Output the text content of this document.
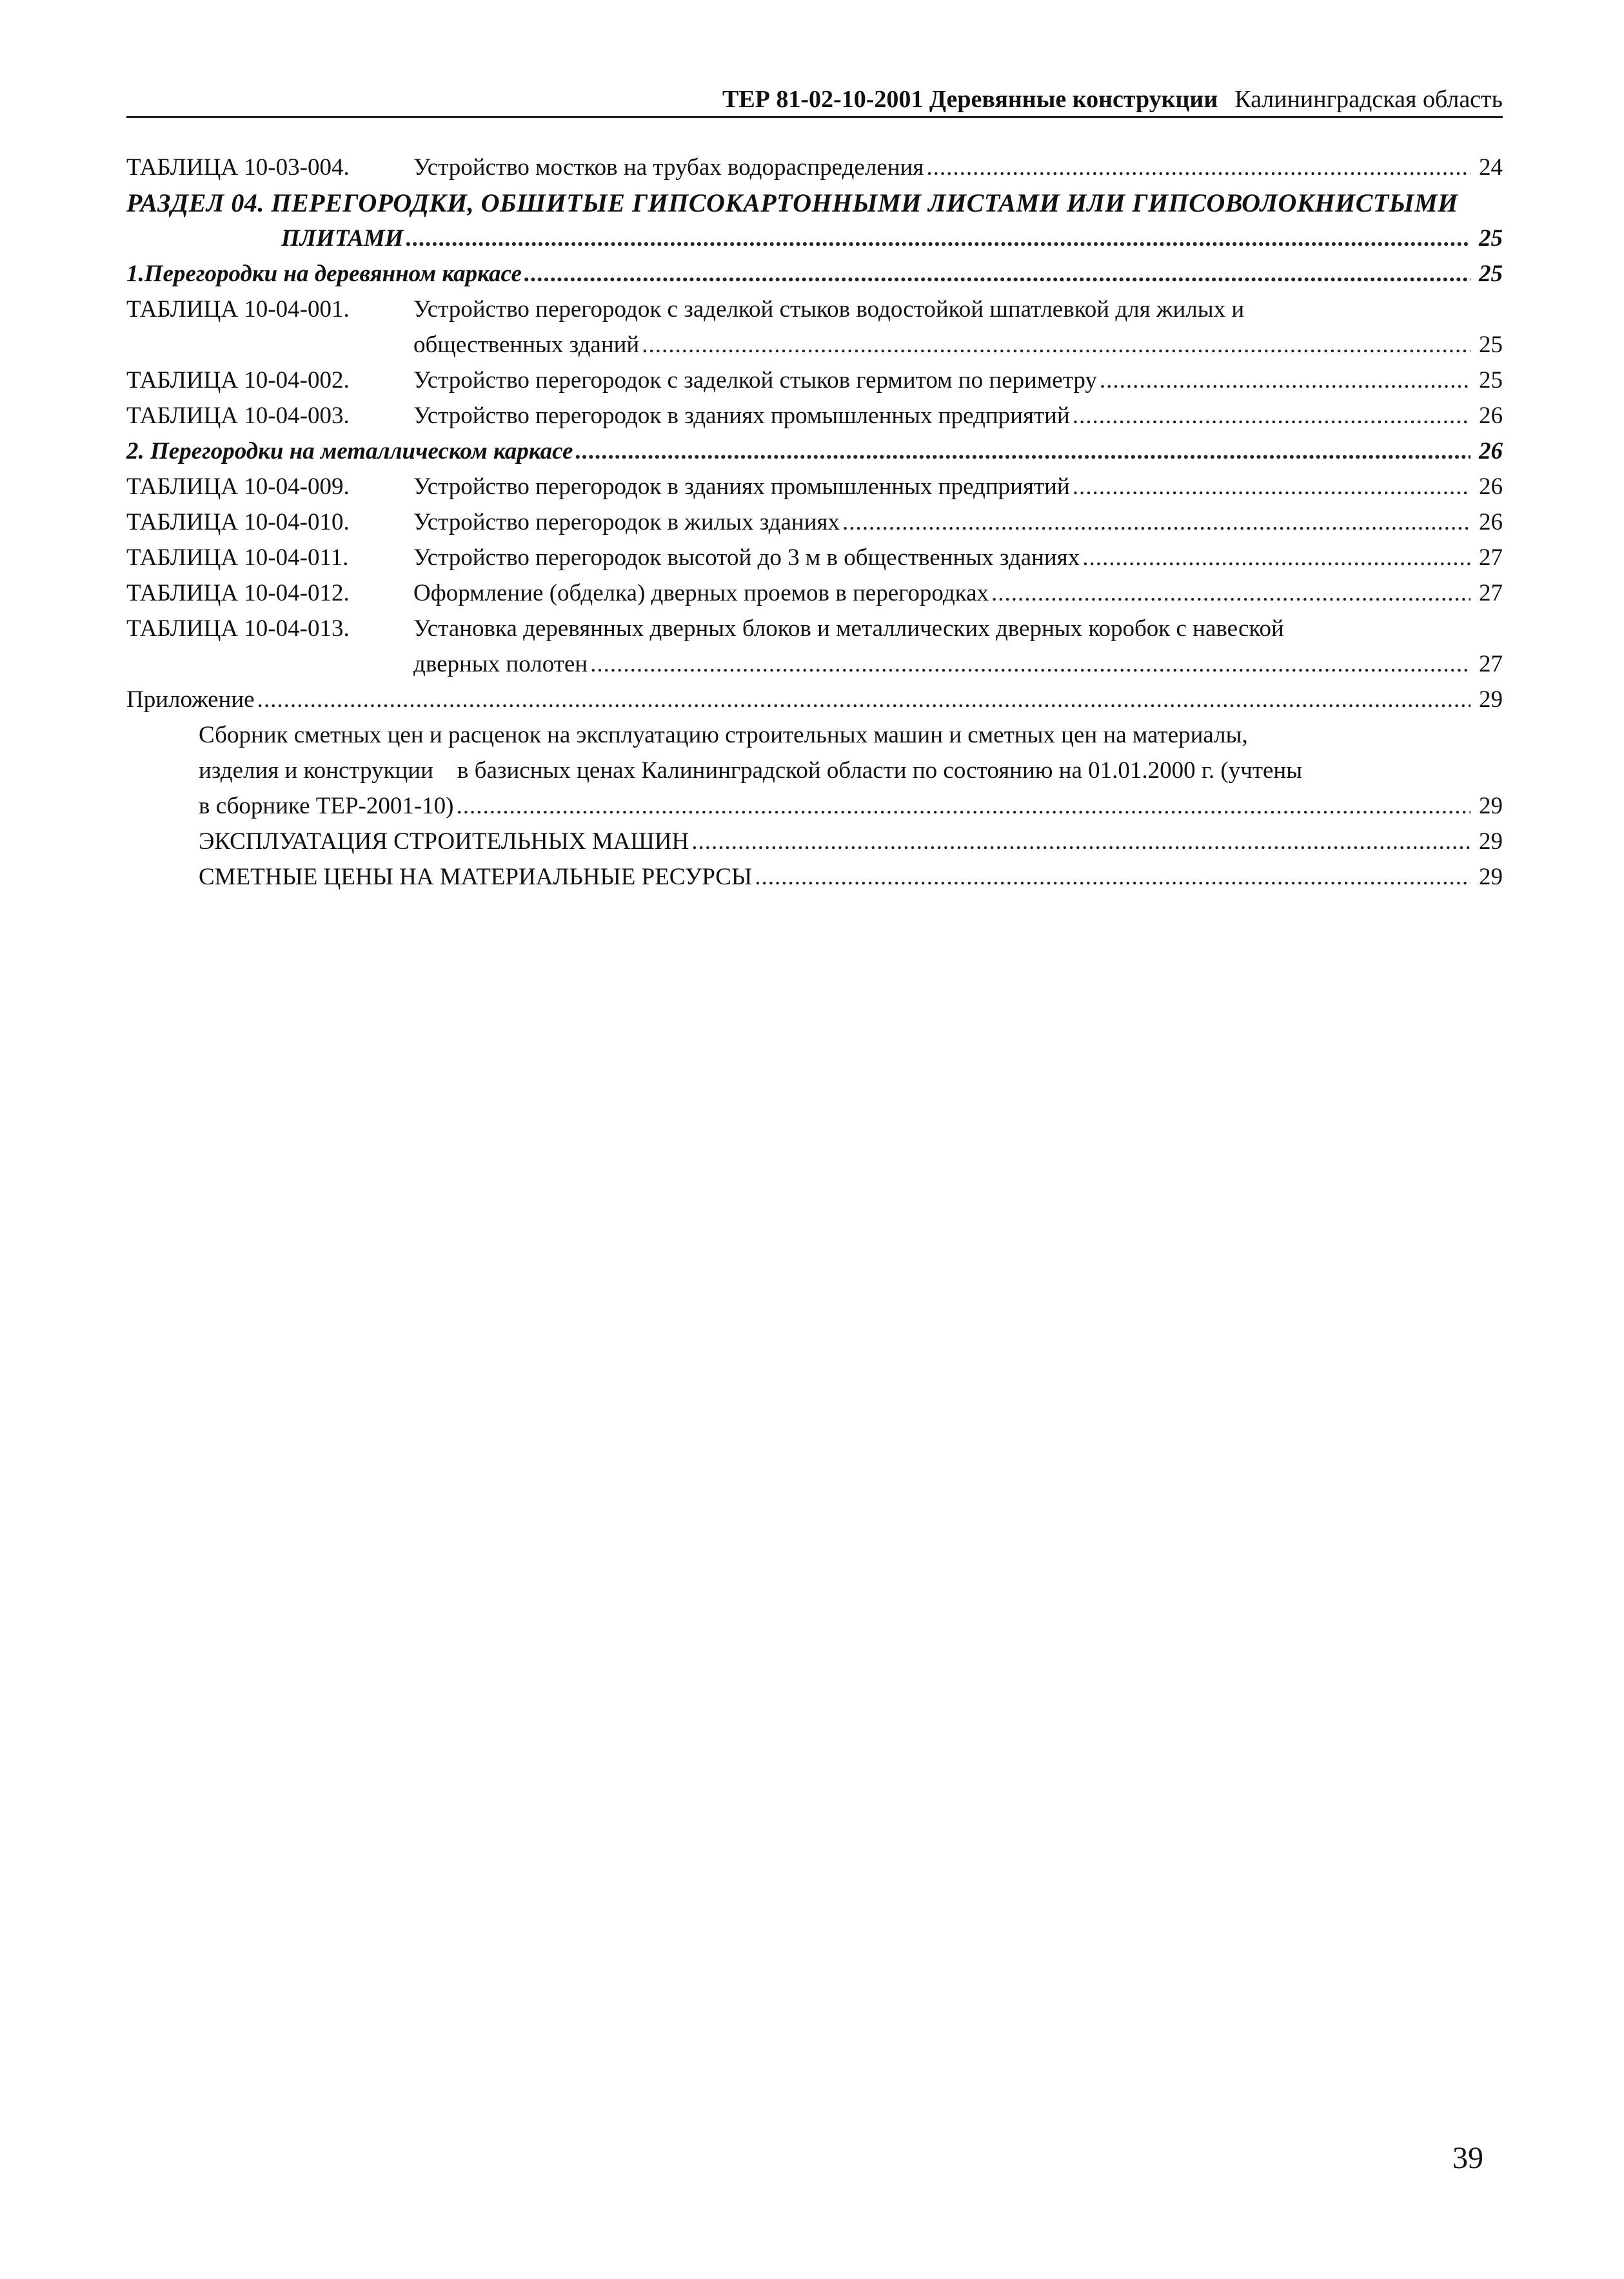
ТЕР 81-02-10-2001 Деревянные конструкции Калининградская область
ТАБЛИЦА 10-03-004.	Устройство мостков на трубах водораспределения .....	24
РАЗДЕЛ 04. ПЕРЕГОРОДКИ, ОБШИТЫЕ ГИПСОКАРТОННЫМИ ЛИСТАМИ ИЛИ ГИПСОВОЛОКНИСТЫМИ
ПЛИТАМИ .....	25
1.Перегородки на деревянном каркасе .....	25
ТАБЛИЦА 10-04-001.	Устройство перегородок с заделкой стыков водостойкой шпатлевкой для жилых и
общественных зданий .....	25
ТАБЛИЦА 10-04-002.	Устройство перегородок с заделкой стыков гермитом по периметру .....	25
ТАБЛИЦА 10-04-003.	Устройство перегородок в зданиях промышленных предприятий .....	26
2. Перегородки на металлическом каркасе .....	26
ТАБЛИЦА 10-04-009.	Устройство перегородок в зданиях промышленных предприятий .....	26
ТАБЛИЦА 10-04-010.	Устройство перегородок в жилых зданиях .....	26
ТАБЛИЦА 10-04-011.	Устройство перегородок высотой до 3 м в общественных зданиях .....	27
ТАБЛИЦА 10-04-012.	Оформление (обделка) дверных проемов в перегородках .....	27
ТАБЛИЦА 10-04-013.	Установка деревянных дверных блоков и металлических дверных коробок с навеской
дверных полотен .....	27
Приложение .....	29
Сборник сметных цен и расценок на эксплуатацию строительных машин и сметных цен на материалы,
изделия и конструкции    в базисных ценах Калининградской области по состоянию на 01.01.2000 г. (учтены
в сборнике ТЕР-2001-10) .....	29
ЭКСПЛУАТАЦИЯ СТРОИТЕЛЬНЫХ МАШИН .....	29
СМЕТНЫЕ ЦЕНЫ НА МАТЕРИАЛЬНЫЕ РЕСУРСЫ .....	29
39
